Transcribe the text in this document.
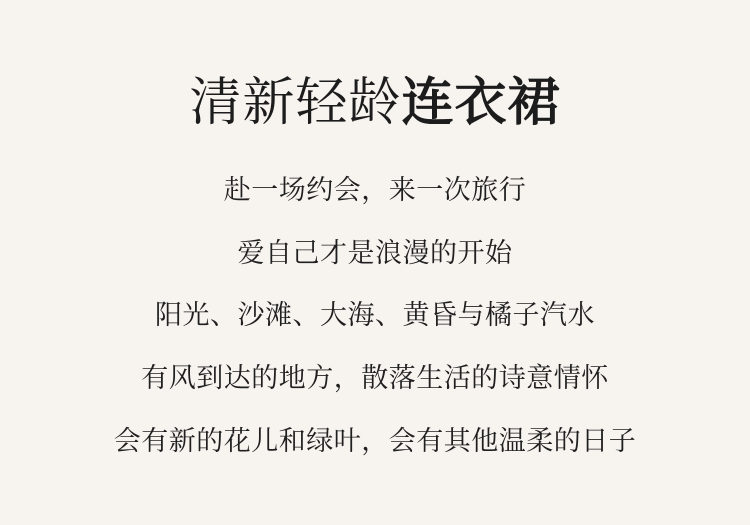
清新轻龄 连衣裙
赴一场约会，来一次旅行
爱自己才是浪漫的开始
阳光、沙滩、大海、黄昏与橘子汽水
有风到达的地方，散落生活的诗意情怀
会有新的花儿和绿叶，会有其他温柔的日子
